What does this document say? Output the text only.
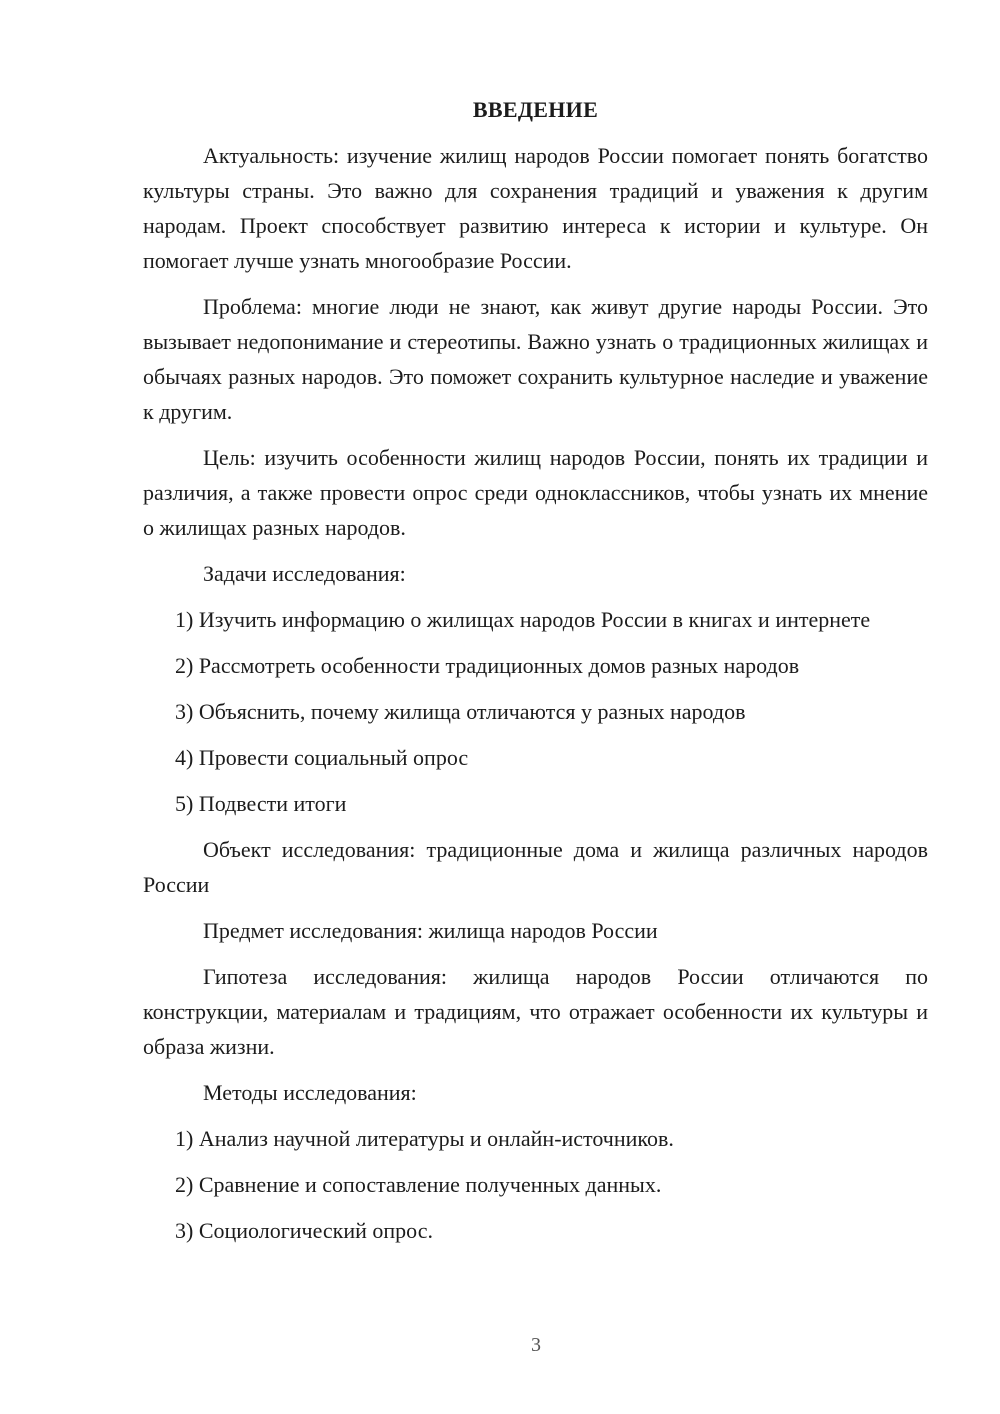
ВВЕДЕНИЕ
Актуальность: изучение жилищ народов России помогает понять богатство культуры страны. Это важно для сохранения традиций и уважения к другим народам. Проект способствует развитию интереса к истории и культуре. Он помогает лучше узнать многообразие России.
Проблема: многие люди не знают, как живут другие народы России. Это вызывает недопонимание и стереотипы. Важно узнать о традиционных жилищах и обычаях разных народов. Это поможет сохранить культурное наследие и уважение к другим.
Цель: изучить особенности жилищ народов России, понять их традиции и различия, а также провести опрос среди одноклассников, чтобы узнать их мнение о жилищах разных народов.
Задачи исследования:
1) Изучить информацию о жилищах народов России в книгах и интернете
2) Рассмотреть особенности традиционных домов разных народов
3) Объяснить, почему жилища отличаются у разных народов
4) Провести социальный опрос
5) Подвести итоги
Объект исследования: традиционные дома и жилища различных народов России
Предмет исследования: жилища народов России
Гипотеза исследования: жилища народов России отличаются по конструкции, материалам и традициям, что отражает особенности их культуры и образа жизни.
Методы исследования:
1) Анализ научной литературы и онлайн-источников.
2) Сравнение и сопоставление полученных данных.
3) Социологический опрос.
3
